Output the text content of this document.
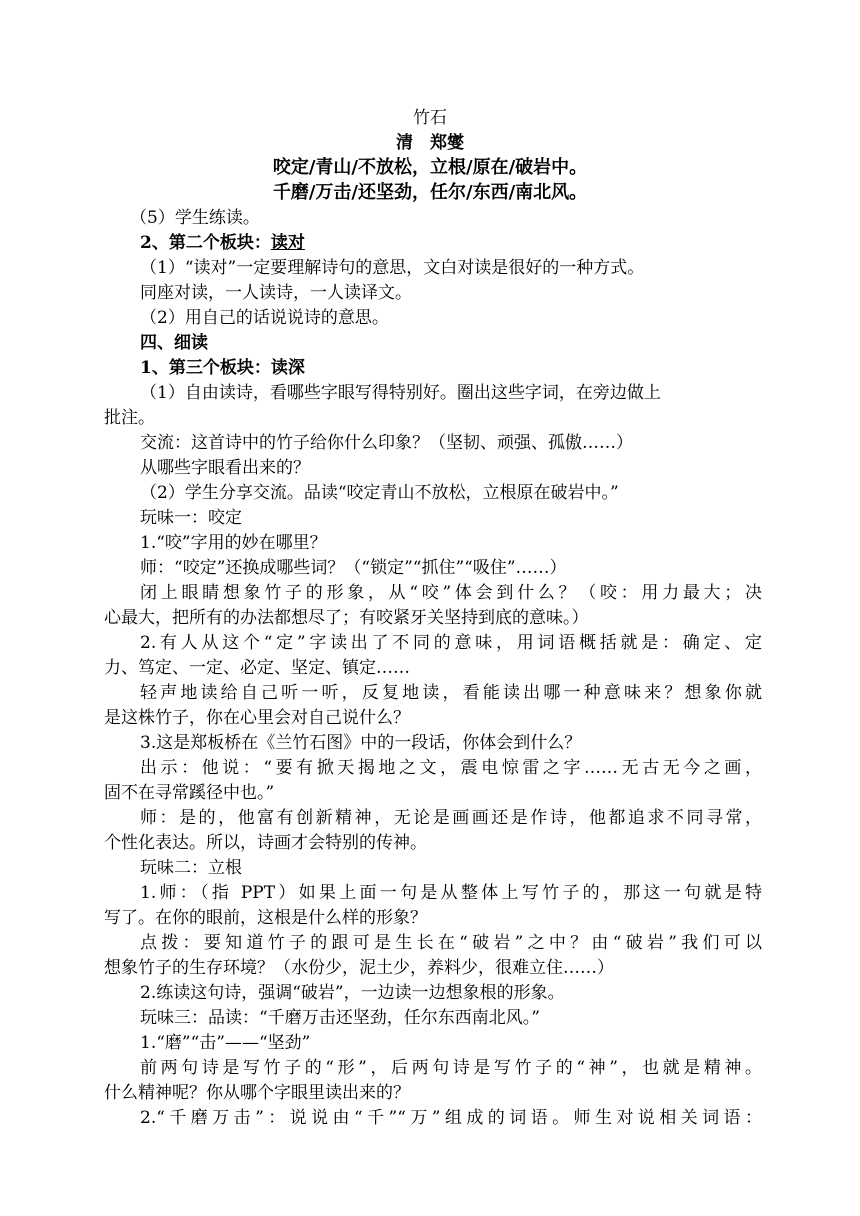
竹石
清　郑燮
咬定/青山/不放松，立根/原在/破岩中。
千磨/万击/还坚劲，任尔/东西/南北风。
（5）学生练读。
2、第二个板块：读对
（1）“读对”一定要理解诗句的意思，文白对读是很好的一种方式。
同座对读，一人读诗，一人读译文。
（2）用自己的话说说诗的意思。
四、细读
1、第三个板块：读深
（1）自由读诗，看哪些字眼写得特别好。圈出这些字词，在旁边做上
批注。
交流：这首诗中的竹子给你什么印象？（坚韧、顽强、孤傲……）
从哪些字眼看出来的？
（2）学生分享交流。品读“咬定青山不放松，立根原在破岩中。”
玩味一：咬定
1.“咬”字用的妙在哪里？
师：“咬定”还换成哪些词？（“锁定”“抓住”“吸住”……）
闭上眼睛想象竹子的形象，从“咬”体会到什么？（咬：用力最大；决
心最大，把所有的办法都想尽了；有咬紧牙关坚持到底的意味。）
2.有人从这个“定”字读出了不同的意味，用词语概括就是：确定、定
力、笃定、一定、必定、坚定、镇定……
轻声地读给自己听一听，反复地读，看能读出哪一种意味来？想象你就
是这株竹子，你在心里会对自己说什么？
3.这是郑板桥在《兰竹石图》中的一段话，你体会到什么？
出示：他说：“要有掀天揭地之文，震电惊雷之字……无古无今之画，
固不在寻常蹊径中也。”
师：是的，他富有创新精神，无论是画画还是作诗，他都追求不同寻常，
个性化表达。所以，诗画才会特别的传神。
玩味二：立根
1.师：（指 PPT）如果上面一句是从整体上写竹子的，那这一句就是特
写了。在你的眼前，这根是什么样的形象？
点拨：要知道竹子的跟可是生长在“破岩”之中？由“破岩”我们可以
想象竹子的生存环境？（水份少，泥土少，养料少，很难立住……）
2.练读这句诗，强调“破岩”，一边读一边想象根的形象。
玩味三：品读：“千磨万击还坚劲，任尔东西南北风。”
1.“磨”“击”——“坚劲”
前两句诗是写竹子的“形”，后两句诗是写竹子的“神”，也就是精神。
什么精神呢？你从哪个字眼里读出来的？
2.“千磨万击”：说说由“千”“万”组成的词语。师生对说相关词语：
